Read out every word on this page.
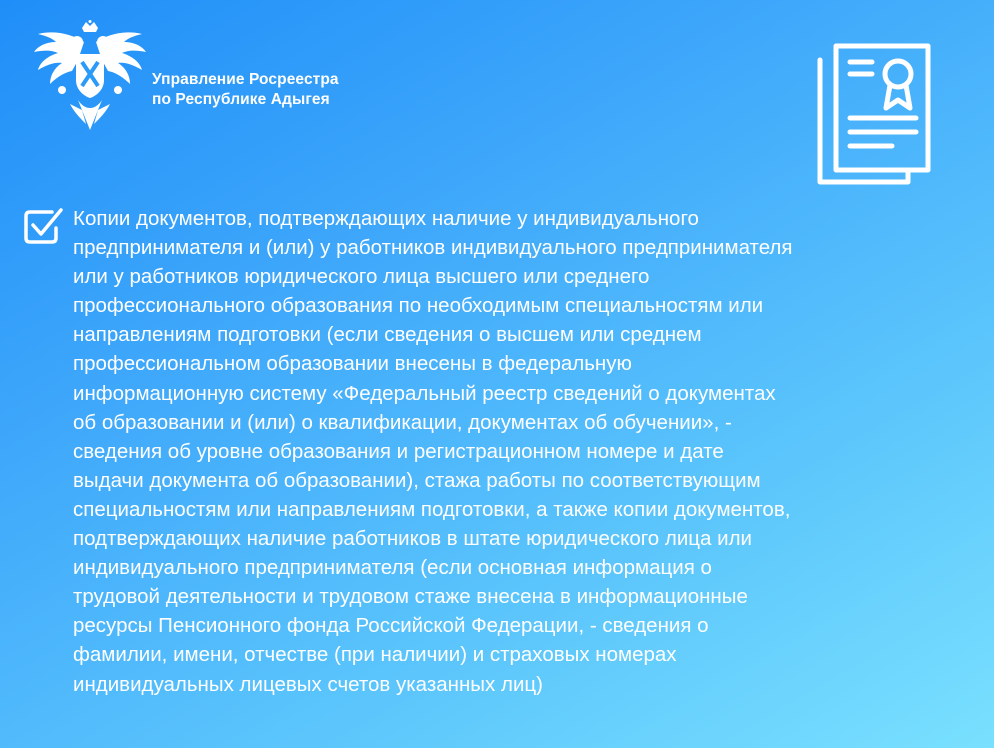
Управление Росреестра
по Республике Адыгея

Копии документов, подтверждающих наличие у индивидуального
предпринимателя и (или) у работников индивидуального предпринимателя
или у работников юридического лица высшего или среднего
профессионального образования по необходимым специальностям или
направлениям подготовки (если сведения о высшем или среднем
профессиональном образовании внесены в федеральную
информационную систему «Федеральный реестр сведений о документах
об образовании и (или) о квалификации, документах об обучении», -
сведения об уровне образования и регистрационном номере и дате
выдачи документа об образовании), стажа работы по соответствующим
специальностям или направлениям подготовки, а также копии документов,
подтверждающих наличие работников в штате юридического лица или
индивидуального предпринимателя (если основная информация о
трудовой деятельности и трудовом стаже внесена в информационные
ресурсы Пенсионного фонда Российской Федерации, - сведения о
фамилии, имени, отчестве (при наличии) и страховых номерах
индивидуальных лицевых счетов указанных лиц)
